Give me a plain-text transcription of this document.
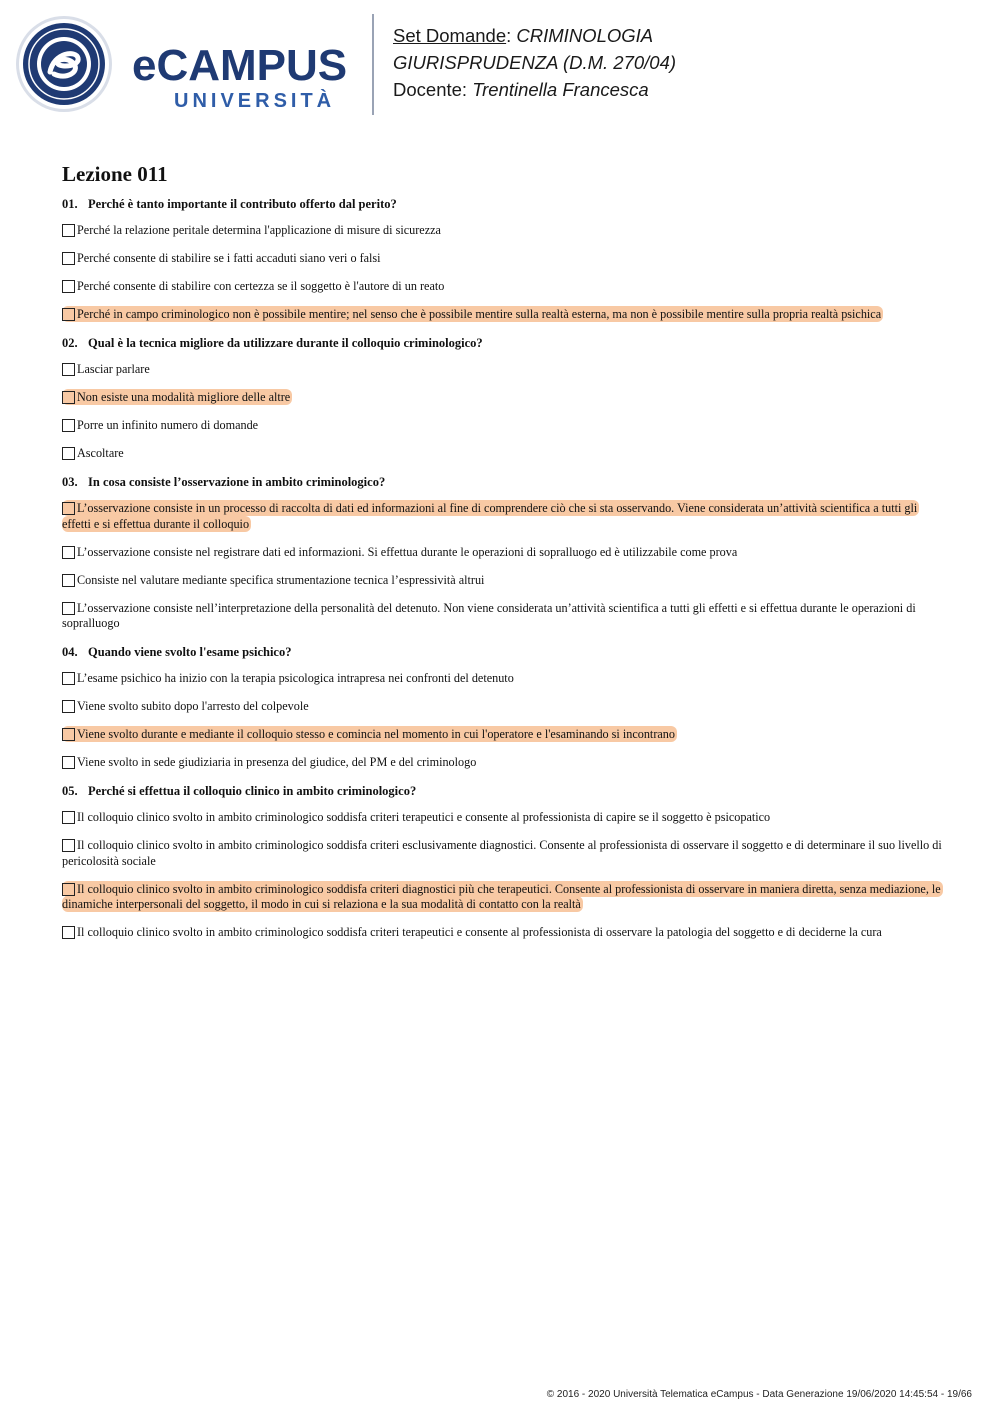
eCAMPUS
UNIVERSITÀ
Set Domande: CRIMINOLOGIA
GIURISPRUDENZA (D.M. 270/04)
Docente: Trentinella Francesca
Lezione 011
01. Perché è tanto importante il contributo offerto dal perito?
Perché la relazione peritale determina l'applicazione di misure di sicurezza
Perché consente di stabilire se i fatti accaduti siano veri o falsi
Perché consente di stabilire con certezza se il soggetto è l'autore di un reato
Perché in campo criminologico non è possibile mentire; nel senso che è possibile mentire sulla realtà esterna, ma non è possibile mentire sulla propria realtà psichica
02. Qual è la tecnica migliore da utilizzare durante il colloquio criminologico?
Lasciar parlare
Non esiste una modalità migliore delle altre
Porre un infinito numero di domande
Ascoltare
03. In cosa consiste l’osservazione in ambito criminologico?
L’osservazione consiste in un processo di raccolta di dati ed informazioni al fine di comprendere ciò che si sta osservando. Viene considerata un’attività scientifica a tutti gli effetti e si effettua durante il colloquio
L’osservazione consiste nel registrare dati ed informazioni. Si effettua durante le operazioni di sopralluogo ed è utilizzabile come prova
Consiste nel valutare mediante specifica strumentazione tecnica l’espressività altrui
L’osservazione consiste nell’interpretazione della personalità del detenuto. Non viene considerata un’attività scientifica a tutti gli effetti e si effettua durante le operazioni di sopralluogo
04. Quando viene svolto l'esame psichico?
L’esame psichico ha inizio con la terapia psicologica intrapresa nei confronti del detenuto
Viene svolto subito dopo l'arresto del colpevole
Viene svolto durante e mediante il colloquio stesso e comincia nel momento in cui l'operatore e l'esaminando si incontrano
Viene svolto in sede giudiziaria in presenza del giudice, del PM e del criminologo
05. Perché si effettua il colloquio clinico in ambito criminologico?
Il colloquio clinico svolto in ambito criminologico soddisfa criteri terapeutici e consente al professionista di capire se il soggetto è psicopatico
Il colloquio clinico svolto in ambito criminologico soddisfa criteri esclusivamente diagnostici. Consente al professionista di osservare il soggetto e di determinare il suo livello di pericolosità sociale
Il colloquio clinico svolto in ambito criminologico soddisfa criteri diagnostici più che terapeutici. Consente al professionista di osservare in maniera diretta, senza mediazione, le dinamiche interpersonali del soggetto, il modo in cui si relaziona e la sua modalità di contatto con la realtà
Il colloquio clinico svolto in ambito criminologico soddisfa criteri terapeutici e consente al professionista di osservare la patologia del soggetto e di deciderne la cura
© 2016 - 2020 Università Telematica eCampus - Data Generazione 19/06/2020 14:45:54 - 19/66
